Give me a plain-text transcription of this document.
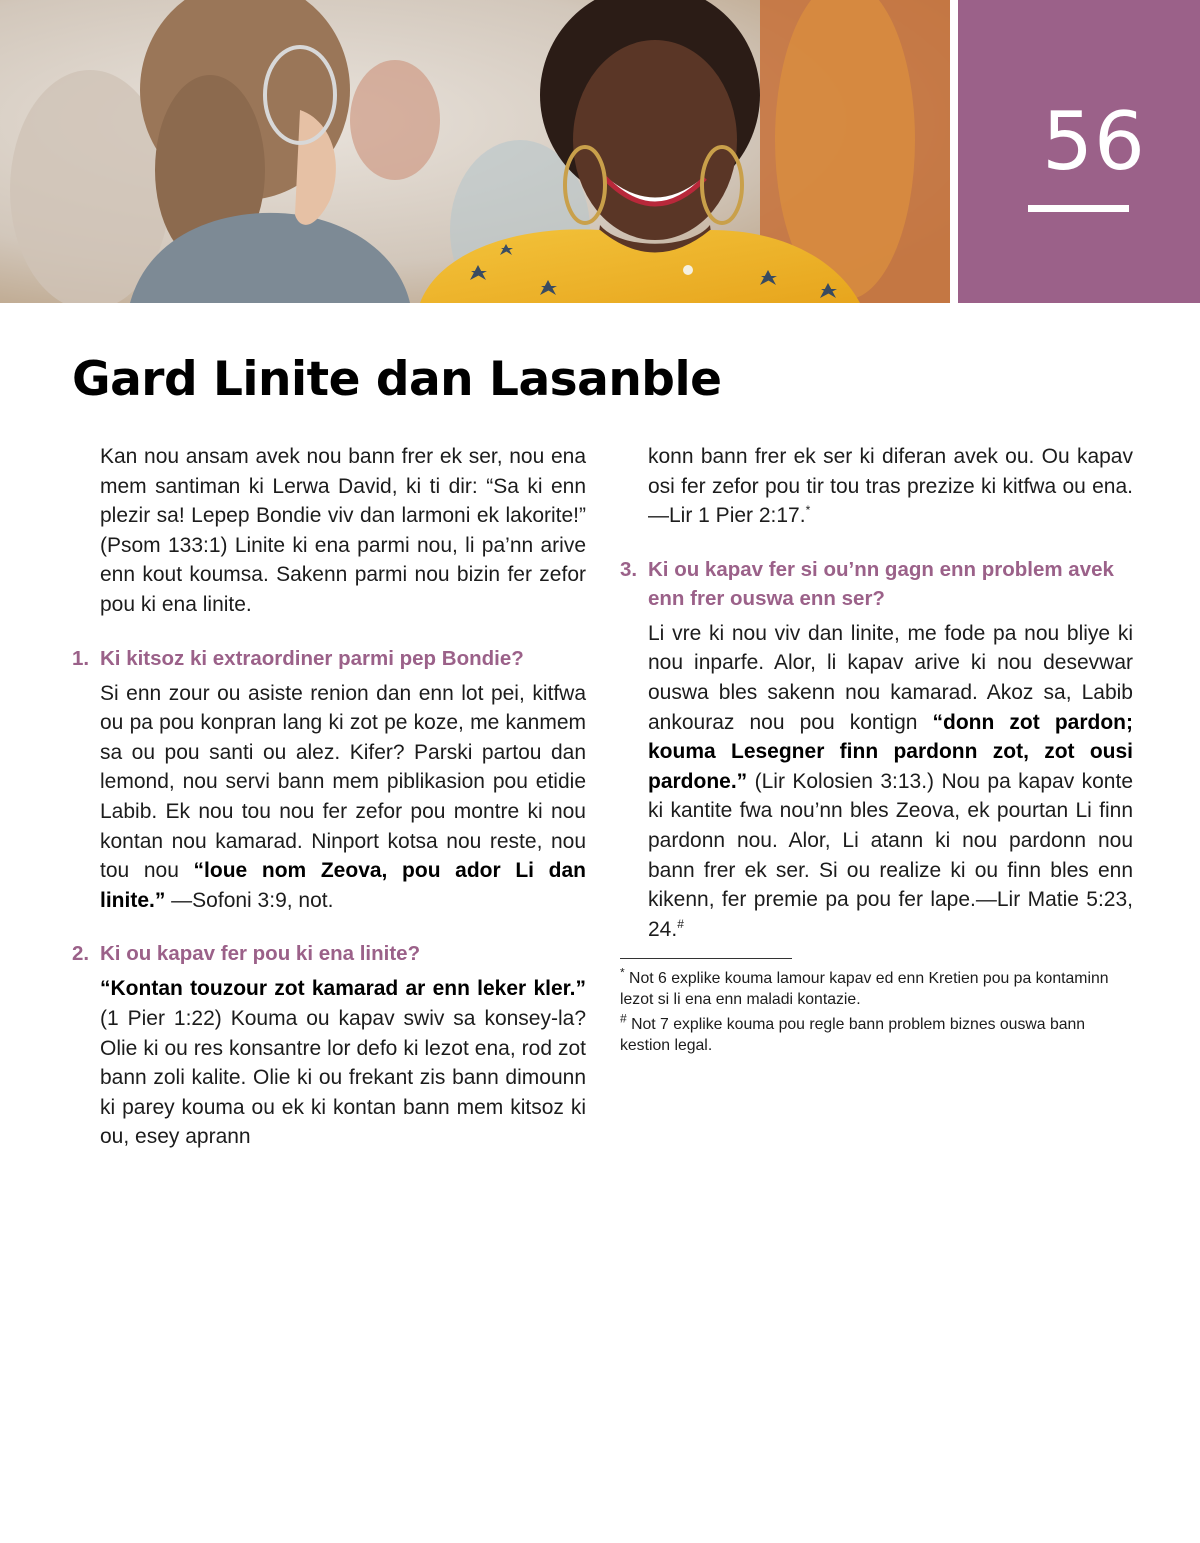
56
Gard Linite dan Lasanble

Kan nou ansam avek nou bann frer ek ser, nou ena mem santiman ki Lerwa David, ki ti dir: “Sa ki enn plezir sa! Lepep Bondie viv dan larmoni ek lakorite!” (Psom 133:1) Linite ki ena parmi nou, li pa’nn arive enn kout koumsa. Sakenn parmi nou bizin fer zefor pou ki ena linite.

1. Ki kitsoz ki extraordiner parmi pep Bondie?

Si enn zour ou asiste renion dan enn lot pei, kitfwa ou pa pou konpran lang ki zot pe koze, me kanmem sa ou pou santi ou alez. Kifer? Parski partou dan lemond, nou servi bann mem piblikasion pou etidie Labib. Ek nou tou nou fer zefor pou montre ki nou kontan nou kamarad. Ninport kotsa nou reste, nou tou nou “loue nom Zeova, pou ador Li dan linite.” —Sofoni 3:9, not.

2. Ki ou kapav fer pou ki ena linite?

“Kontan touzour zot kamarad ar enn leker kler.” (1 Pier 1:22) Kouma ou kapav swiv sa konsey-la? Olie ki ou res konsantre lor defo ki lezot ena, rod zot bann zoli kalite. Olie ki ou frekant zis bann dimounn ki parey kouma ou ek ki kontan bann mem kitsoz ki ou, esey aprann

konn bann frer ek ser ki diferan avek ou. Ou kapav osi fer zefor pou tir tou tras prezize ki kitfwa ou ena.—Lir 1 Pier 2:17.*

3. Ki ou kapav fer si ou’nn gagn enn problem avek enn frer ouswa enn ser?

Li vre ki nou viv dan linite, me fode pa nou bliye ki nou inparfe. Alor, li kapav arive ki nou desevwar ouswa bles sakenn nou kamarad. Akoz sa, Labib ankouraz nou pou kontign “donn zot pardon; kouma Lesegner finn pardonn zot, zot ousi pardone.” (Lir Kolosien 3:13.) Nou pa kapav konte ki kantite fwa nou’nn bles Zeova, ek pourtan Li finn pardonn nou. Alor, Li atann ki nou pardonn nou bann frer ek ser. Si ou realize ki ou finn bles enn kikenn, fer premie pa pou fer lape.—Lir Matie 5:23, 24.#

* Not 6 explike kouma lamour kapav ed enn Kretien pou pa kontaminn lezot si li ena enn maladi kontazie.

# Not 7 explike kouma pou regle bann problem biznes ouswa bann kestion legal.
